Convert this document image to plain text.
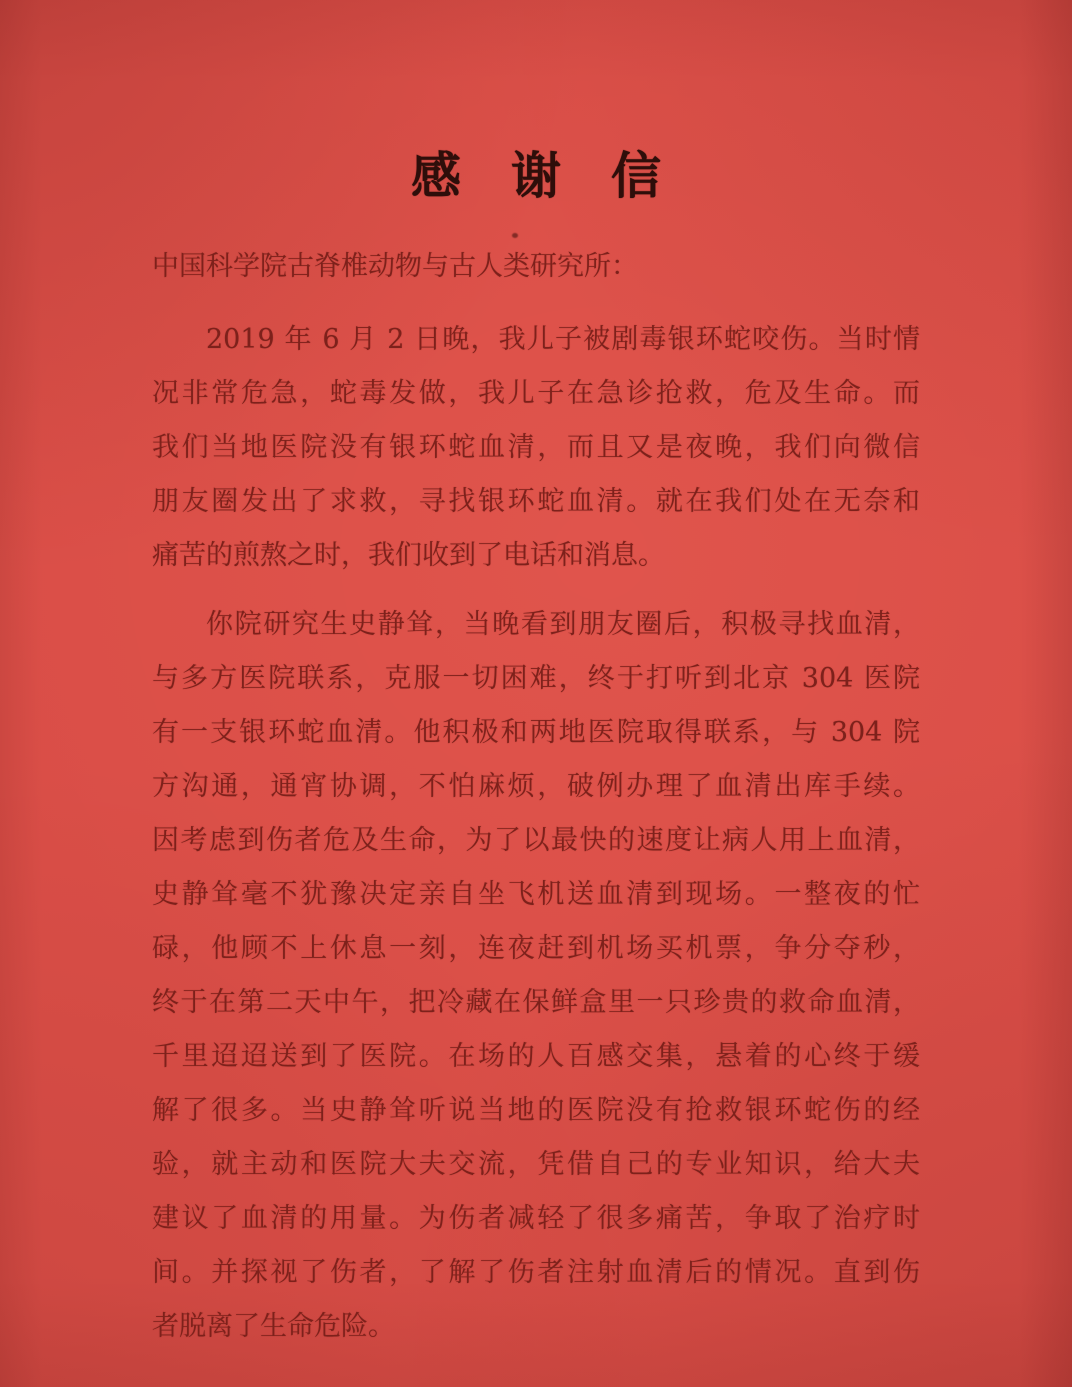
感　谢　信
中国科学院古脊椎动物与古人类研究所：
2019 年 6 月 2 日晚，我儿子被剧毒银环蛇咬伤。当时情
况非常危急，蛇毒发做，我儿子在急诊抢救，危及生命。而
我们当地医院没有银环蛇血清，而且又是夜晚，我们向微信
朋友圈发出了求救，寻找银环蛇血清。就在我们处在无奈和
痛苦的煎熬之时，我们收到了电话和消息。
你院研究生史静耸，当晚看到朋友圈后，积极寻找血清，
与多方医院联系，克服一切困难，终于打听到北京 304 医院
有一支银环蛇血清。他积极和两地医院取得联系，与 304 院
方沟通，通宵协调，不怕麻烦，破例办理了血清出库手续。
因考虑到伤者危及生命，为了以最快的速度让病人用上血清，
史静耸毫不犹豫决定亲自坐飞机送血清到现场。一整夜的忙
碌，他顾不上休息一刻，连夜赶到机场买机票，争分夺秒，
终于在第二天中午，把冷藏在保鲜盒里一只珍贵的救命血清，
千里迢迢送到了医院。在场的人百感交集，悬着的心终于缓
解了很多。当史静耸听说当地的医院没有抢救银环蛇伤的经
验，就主动和医院大夫交流，凭借自己的专业知识，给大夫
建议了血清的用量。为伤者减轻了很多痛苦，争取了治疗时
间。并探视了伤者，了解了伤者注射血清后的情况。直到伤
者脱离了生命危险。
